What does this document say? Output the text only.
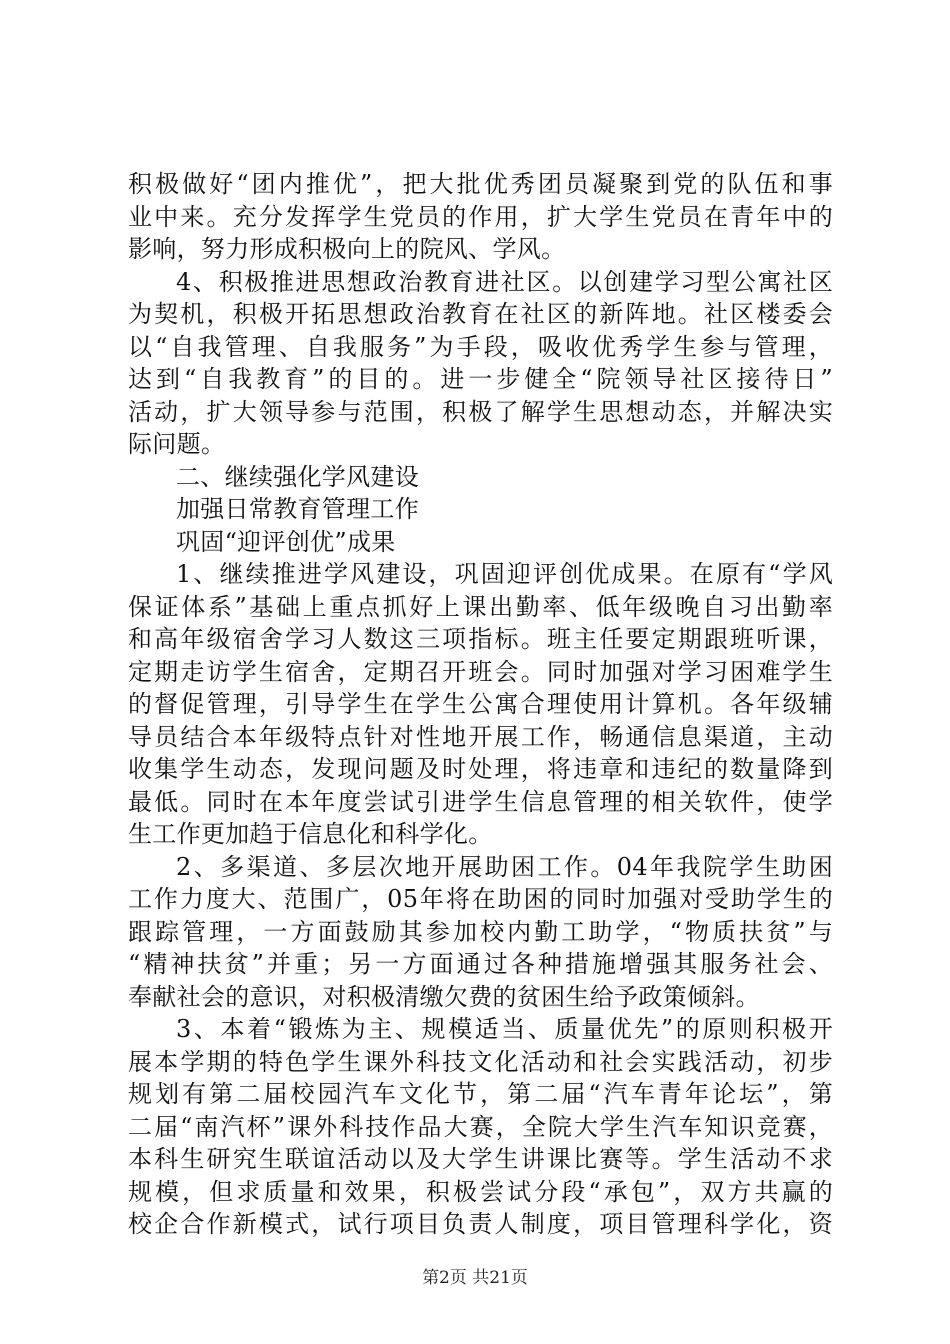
积极做好“团内推优”，把大批优秀团员凝聚到党的队伍和事
业中来。充分发挥学生党员的作用，扩大学生党员在青年中的
影响，努力形成积极向上的院风、学风。
4、积极推进思想政治教育进社区。以创建学习型公寓社区
为契机，积极开拓思想政治教育在社区的新阵地。社区楼委会
以“自我管理、自我服务”为手段，吸收优秀学生参与管理，
达到“自我教育”的目的。进一步健全“院领导社区接待日”
活动，扩大领导参与范围，积极了解学生思想动态，并解决实
际问题。
二、继续强化学风建设
加强日常教育管理工作
巩固“迎评创优”成果
1、继续推进学风建设，巩固迎评创优成果。在原有“学风
保证体系”基础上重点抓好上课出勤率、低年级晚自习出勤率
和高年级宿舍学习人数这三项指标。班主任要定期跟班听课，
定期走访学生宿舍，定期召开班会。同时加强对学习困难学生
的督促管理，引导学生在学生公寓合理使用计算机。各年级辅
导员结合本年级特点针对性地开展工作，畅通信息渠道，主动
收集学生动态，发现问题及时处理，将违章和违纪的数量降到
最低。同时在本年度尝试引进学生信息管理的相关软件，使学
生工作更加趋于信息化和科学化。
2、多渠道、多层次地开展助困工作。04年我院学生助困
工作力度大、范围广，05年将在助困的同时加强对受助学生的
跟踪管理，一方面鼓励其参加校内勤工助学，“物质扶贫”与
“精神扶贫”并重；另一方面通过各种措施增强其服务社会、
奉献社会的意识，对积极清缴欠费的贫困生给予政策倾斜。
3、本着“锻炼为主、规模适当、质量优先”的原则积极开
展本学期的特色学生课外科技文化活动和社会实践活动，初步
规划有第二届校园汽车文化节，第二届“汽车青年论坛”，第
二届“南汽杯”课外科技作品大赛，全院大学生汽车知识竞赛，
本科生研究生联谊活动以及大学生讲课比赛等。学生活动不求
规模，但求质量和效果，积极尝试分段“承包”，双方共赢的
校企合作新模式，试行项目负责人制度，项目管理科学化，资
第2页 共21页
